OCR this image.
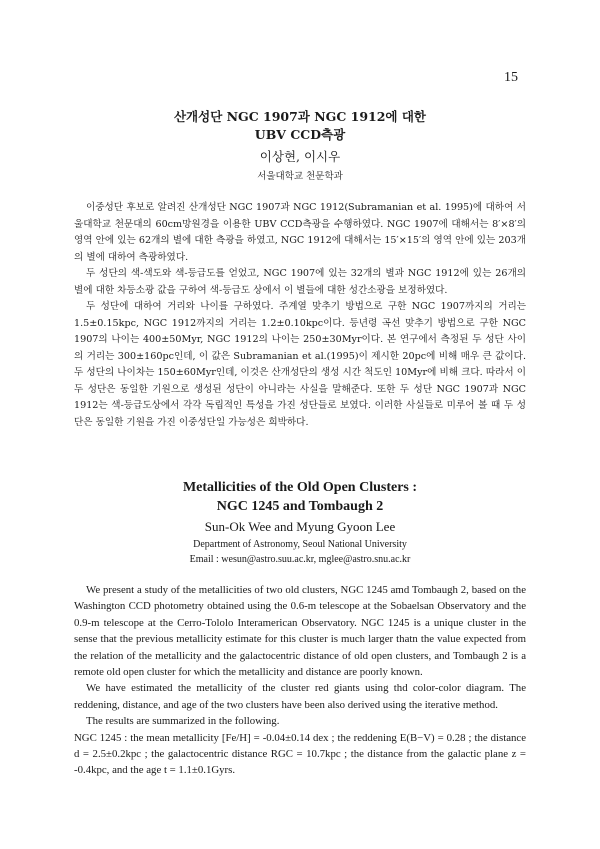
15
산개성단 NGC 1907과 NGC 1912에 대한
UBV CCD측광
이상현, 이시우
서울대학교 천문학과

이중성단 후보로 알려진 산개성단 NGC 1907과 NGC 1912(Subramanian et al. 1995)에 대하여 서울대학교 천문대의 60cm망원경을 이용한 UBV CCD측광을 수행하였다. NGC 1907에 대해서는 8′×8′의 영역 안에 있는 62개의 별에 대한 측광을 하였고, NGC 1912에 대해서는 15′×15′의 영역 안에 있는 203개의 별에 대하여 측광하였다.

두 성단의 색-색도와 색-등급도를 얻었고, NGC 1907에 있는 32개의 별과 NGC 1912에 있는 26개의 별에 대한 차등소광 값을 구하여 색-등급도 상에서 이 별들에 대한 성간소광을 보정하였다.

두 성단에 대하여 거리와 나이를 구하였다. 주계열 맞추기 방법으로 구한 NGC 1907까지의 거리는 1.5±0.15kpc, NGC 1912까지의 거리는 1.2±0.10kpc이다. 등년령 곡선 맞추기 방법으로 구한 NGC 1907의 나이는 400±50Myr, NGC 1912의 나이는 250±30Myr이다. 본 연구에서 측정된 두 성단 사이의 거리는 300±160pc인데, 이 값은 Subramanian et al.(1995)이 제시한 20pc에 비해 매우 큰 값이다. 두 성단의 나이차는 150±60Myr인데, 이것은 산개성단의 생성 시간 척도인 10Myr에 비해 크다. 따라서 이 두 성단은 동일한 기원으로 생성된 성단이 아니라는 사실을 말해준다. 또한 두 성단 NGC 1907과 NGC 1912는 색-등급도상에서 각각 독립적인 특성을 가진 성단들로 보였다. 이러한 사실들로 미루어 볼 때 두 성단은 동일한 기원을 가진 이중성단일 가능성은 희박하다.

Metallicities of the Old Open Clusters :
NGC 1245 and Tombaugh 2
Sun-Ok Wee and Myung Gyoon Lee
Department of Astronomy, Seoul National University
Email : wesun@astro.suu.ac.kr, mglee@astro.snu.ac.kr

We present a study of the metallicities of two old clusters, NGC 1245 amd Tombaugh 2, based on the Washington CCD photometry obtained using the 0.6-m telescope at the Sobaelsan Observatory and the 0.9-m telescope at the Cerro-Tololo Interamerican Observatory. NGC 1245 is a unique cluster in the sense that the previous metallicity estimate for this cluster is much larger thatn the value expected from the relation of the metallicity and the galactocentric distance of old open clusters, and Tombaugh 2 is a remote old open cluster for which the metallicity and distance are poorly known.

We have estimated the metallicity of the cluster red giants using thd color-color diagram. The reddening, distance, and age of the two clusters have been also derived using the iterative method.

The results are summarized in the following.

NGC 1245 : the mean metallicity [Fe/H] = -0.04±0.14 dex ; the reddening E(B−V) = 0.28 ; the distance d = 2.5±0.2kpc ; the galactocentric distance RGC = 10.7kpc ; the distance from the galactic plane z = -0.4kpc, and the age t = 1.1±0.1Gyrs.
